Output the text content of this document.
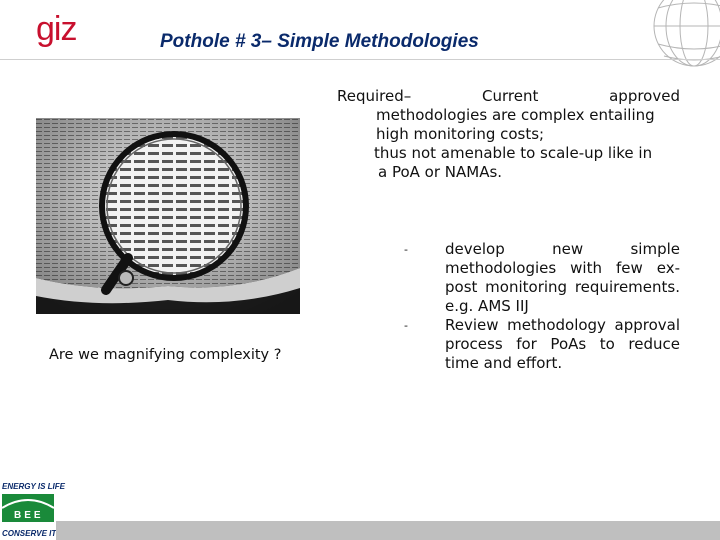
giz	Pothole # 3– Simple Methodologies
Are we magnifying complexity ?
Required–	Current	approved
methodologies are complex entailing
high monitoring costs;
thus not amenable to scale-up like in
a PoA or NAMAs.
- develop new simple methodologies with few ex-post monitoring requirements. e.g. AMS IIJ
- Review methodology approval process for PoAs to reduce time and effort.
ENERGY IS LIFE
BEE
CONSERVE IT
